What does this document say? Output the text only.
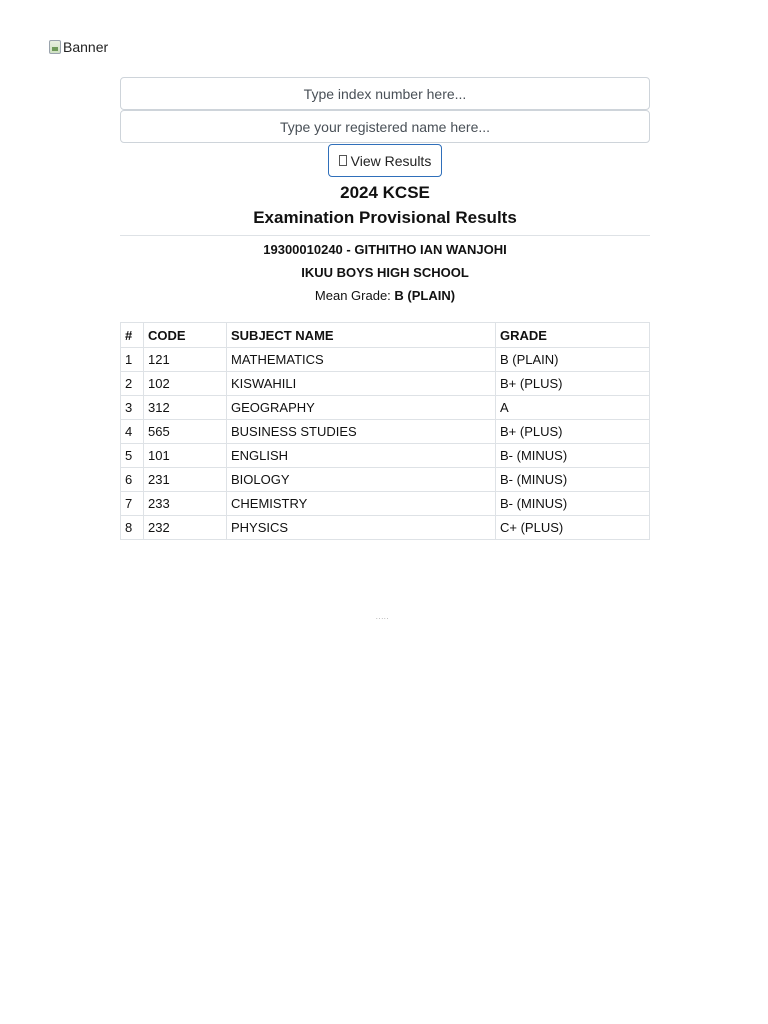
Banner
Type index number here...
Type your registered name here...
View Results
2024 KCSE
Examination Provisional Results
19300010240 - GITHITHO IAN WANJOHI
IKUU BOYS HIGH SCHOOL
Mean Grade: B (PLAIN)
#	CODE	SUBJECT NAME	GRADE
1	121	MATHEMATICS	B (PLAIN)
2	102	KISWAHILI	B+ (PLUS)
3	312	GEOGRAPHY	A
4	565	BUSINESS STUDIES	B+ (PLUS)
5	101	ENGLISH	B- (MINUS)
6	231	BIOLOGY	B- (MINUS)
7	233	CHEMISTRY	B- (MINUS)
8	232	PHYSICS	C+ (PLUS)
.....
